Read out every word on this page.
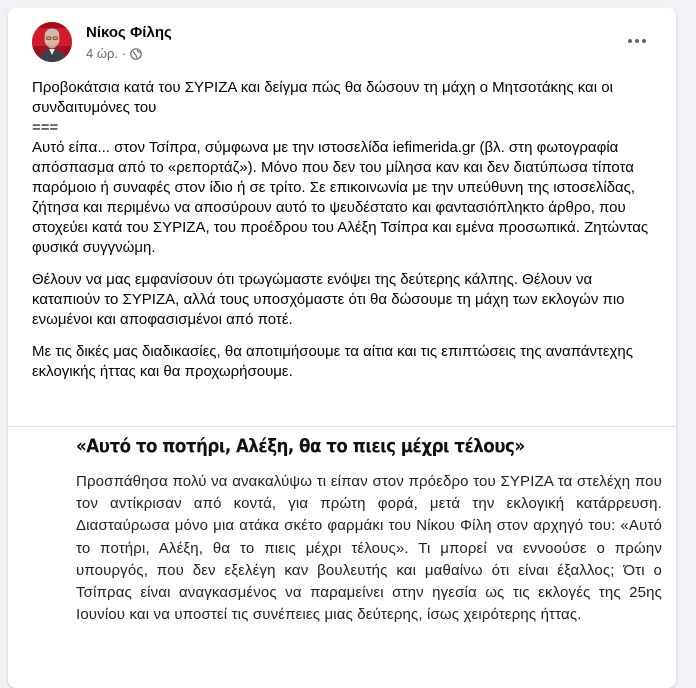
Νίκος Φίλης
4 ώρ. ·

Προβοκάτσια κατά του ΣΥΡΙΖΑ και δείγμα πώς θα δώσουν τη μάχη ο Μητσοτάκης και οι συνδαιτυμόνες του
===
Αυτό είπα... στον Τσίπρα, σύμφωνα με την ιστοσελίδα iefimerida.gr (βλ. στη φωτογραφία απόσπασμα από το «ρεπορτάζ»). Μόνο που δεν του μίλησα καν και δεν διατύπωσα τίποτα παρόμοιο ή συναφές στον ίδιο ή σε τρίτο. Σε επικοινωνία με την υπεύθυνη της ιστοσελίδας, ζήτησα και περιμένω να αποσύρουν αυτό το ψευδέστατο και φαντασιόπληκτο άρθρο, που στοχεύει κατά του ΣΥΡΙΖΑ, του προέδρου του Αλέξη Τσίπρα και εμένα προσωπικά. Ζητώντας φυσικά συγγνώμη.

Θέλουν να μας εμφανίσουν ότι τρωγώμαστε ενόψει της δεύτερης κάλπης. Θέλουν να καταπιούν το ΣΥΡΙΖΑ, αλλά τους υποσχόμαστε ότι θα δώσουμε τη μάχη των εκλογών πιο ενωμένοι και αποφασισμένοι από ποτέ.

Με τις δικές μας διαδικασίες, θα αποτιμήσουμε τα αίτια και τις επιπτώσεις της αναπάντεχης εκλογικής ήττας και θα προχωρήσουμε.

«Αυτό το ποτήρι, Αλέξη, θα το πιεις μέχρι τέλους»
Προσπάθησα πολύ να ανακαλύψω τι είπαν στον πρόεδρο του ΣΥΡΙΖΑ τα στελέχη που τον αντίκρισαν από κοντά, για πρώτη φορά, μετά την εκλογική κατάρρευση. Διασταύρωσα μόνο μια ατάκα σκέτο φαρμάκι του Νίκου Φίλη στον αρχηγό του: «Αυτό το ποτήρι, Αλέξη, θα το πιεις μέχρι τέλους». Τι μπορεί να εννοούσε ο πρώην υπουργός, που δεν εξελέγη καν βουλευτής και μαθαίνω ότι είναι έξαλλος; Ότι ο Τσίπρας είναι αναγκασμένος να παραμείνει στην ηγεσία ως τις εκλογές της 25ης Ιουνίου και να υποστεί τις συνέπειες μιας δεύτερης, ίσως χειρότερης ήττας.
